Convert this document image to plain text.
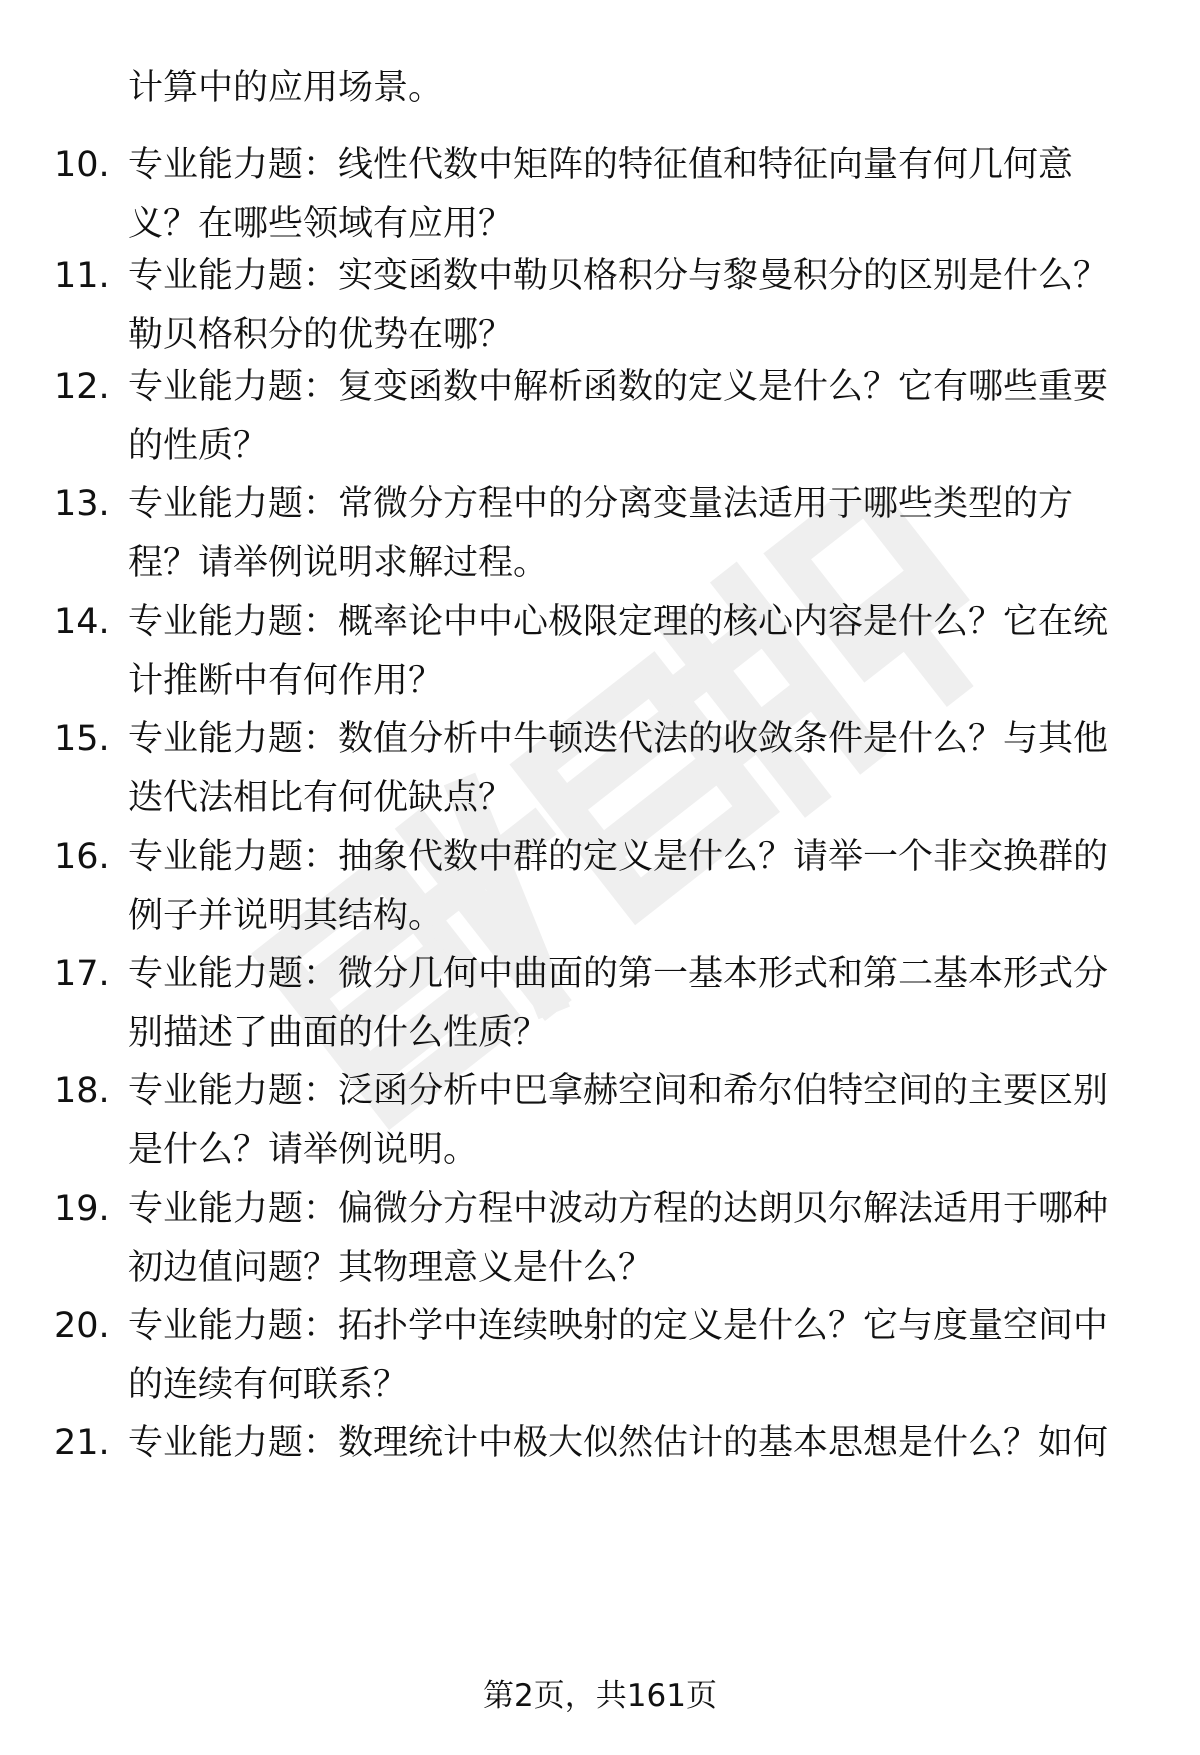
计算中的应用场景。
10. 专业能力题：线性代数中矩阵的特征值和特征向量有何几何意
义？在哪些领域有应用？
11. 专业能力题：实变函数中勒贝格积分与黎曼积分的区别是什么？
勒贝格积分的优势在哪？
12. 专业能力题：复变函数中解析函数的定义是什么？它有哪些重要
的性质？
13. 专业能力题：常微分方程中的分离变量法适用于哪些类型的方
程？请举例说明求解过程。
14. 专业能力题：概率论中中心极限定理的核心内容是什么？它在统
计推断中有何作用？
15. 专业能力题：数值分析中牛顿迭代法的收敛条件是什么？与其他
迭代法相比有何优缺点？
16. 专业能力题：抽象代数中群的定义是什么？请举一个非交换群的
例子并说明其结构。
17. 专业能力题：微分几何中曲面的第一基本形式和第二基本形式分
别描述了曲面的什么性质？
18. 专业能力题：泛函分析中巴拿赫空间和希尔伯特空间的主要区别
是什么？请举例说明。
19. 专业能力题：偏微分方程中波动方程的达朗贝尔解法适用于哪种
初边值问题？其物理意义是什么？
20. 专业能力题：拓扑学中连续映射的定义是什么？它与度量空间中
的连续有何联系？
21. 专业能力题：数理统计中极大似然估计的基本思想是什么？如何
第2页，共161页
